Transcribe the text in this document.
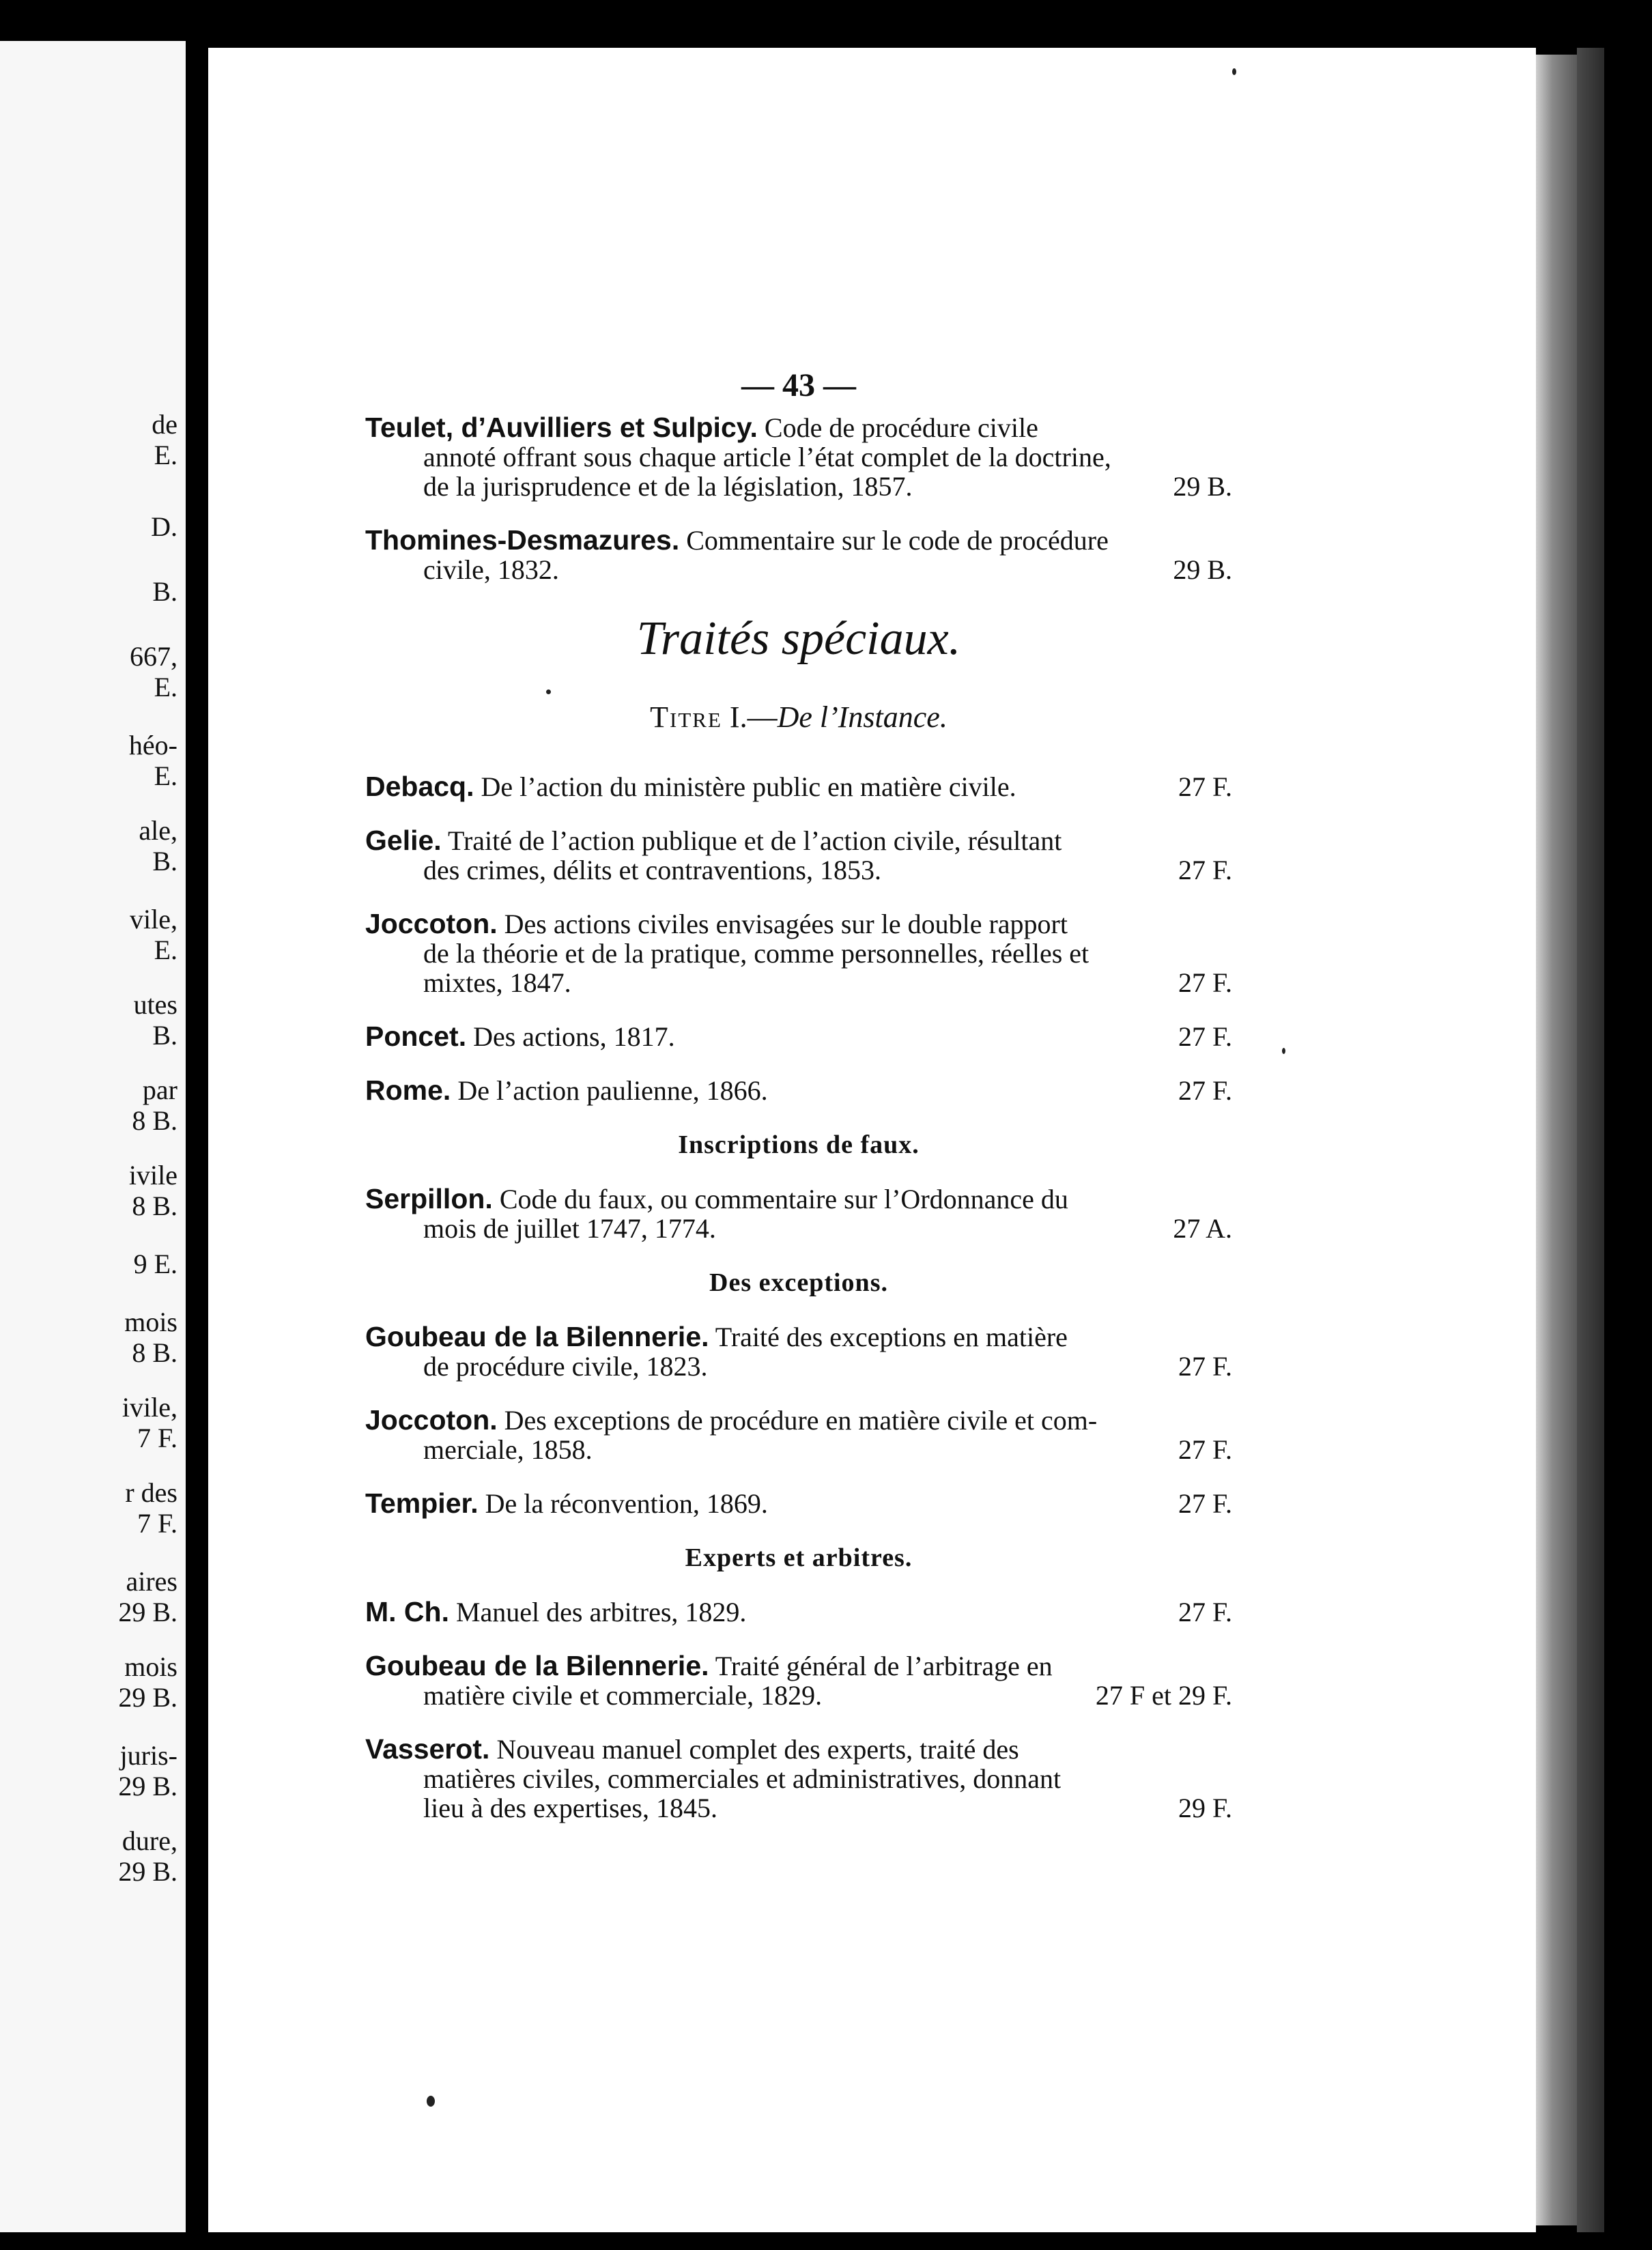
de
E.
D.
B.
667,
E.
héo-
E.
ale,
B.
vile,
E.
utes
B.
par
8 B.
ivile
8 B.
9 E.
mois
8 B.
ivile,
7 F.
r des
7 F.
aires
29 B.
mois
29 B.
juris-
29 B.
dure,
29 B.
— 43 —
Teulet, d’Auvilliers et Sulpicy. Code de procédure civile
annoté offrant sous chaque article l’état complet de la doctrine,
de la jurisprudence et de la législation, 1857.	29 B.
Thomines-Desmazures. Commentaire sur le code de procédure
civile, 1832.	29 B.
Traités spéciaux.
Titre I.—De l’Instance.
Debacq. De l’action du ministère public en matière civile.	27 F.
Gelie. Traité de l’action publique et de l’action civile, résultant
des crimes, délits et contraventions, 1853.	27 F.
Joccoton. Des actions civiles envisagées sur le double rapport
de la théorie et de la pratique, comme personnelles, réelles et
mixtes, 1847.	27 F.
Poncet. Des actions, 1817.	27 F.
Rome. De l’action paulienne, 1866.	27 F.
Inscriptions de faux.
Serpillon. Code du faux, ou commentaire sur l’Ordonnance du
mois de juillet 1747, 1774.	27 A.
Des exceptions.
Goubeau de la Bilennerie. Traité des exceptions en matière
de procédure civile, 1823.	27 F.
Joccoton. Des exceptions de procédure en matière civile et com-
merciale, 1858.	27 F.
Tempier. De la réconvention, 1869.	27 F.
Experts et arbitres.
M. Ch. Manuel des arbitres, 1829.	27 F.
Goubeau de la Bilennerie. Traité général de l’arbitrage en
matière civile et commerciale, 1829.	27 F et 29 F.
Vasserot. Nouveau manuel complet des experts, traité des
matières civiles, commerciales et administratives, donnant
lieu à des expertises, 1845.	29 F.
